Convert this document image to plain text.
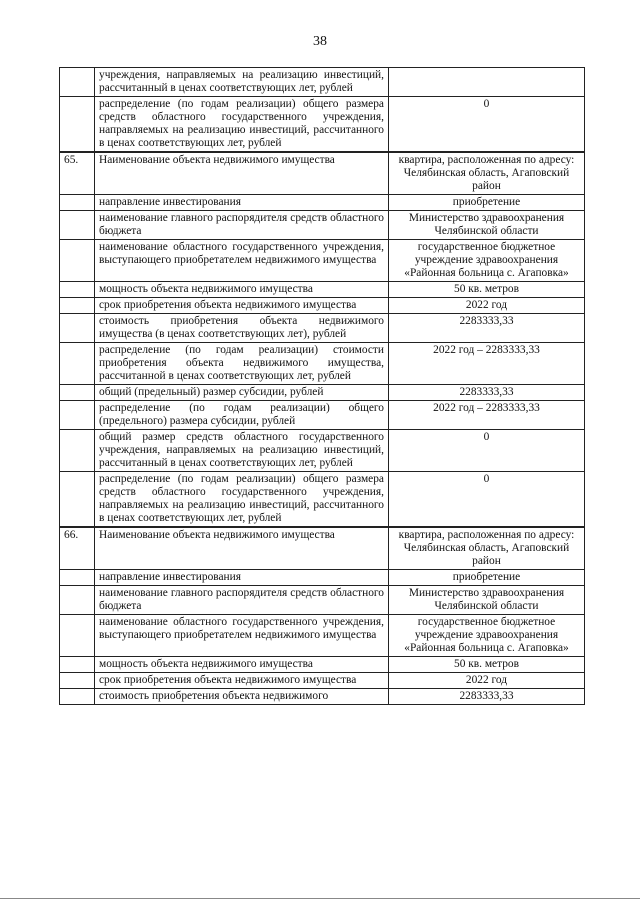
38
	учреждения, направляемых на реализацию инвестиций, рассчитанный в ценах соответствующих лет, рублей	
	распределение (по годам реализации) общего размера средств областного государственного учреждения, направляемых на реализацию инвестиций, рассчитанного в ценах соответствующих лет, рублей	0
65.	Наименование объекта недвижимого имущества	квартира, расположенная по адресу: Челябинская область, Агаповский район
	направление инвестирования	приобретение
	наименование главного распорядителя средств областного бюджета	Министерство здравоохранения Челябинской области
	наименование областного государственного учреждения, выступающего приобретателем недвижимого имущества	государственное бюджетное учреждение здравоохранения «Районная больница с. Агаповка»
	мощность объекта недвижимого имущества	50 кв. метров
	срок приобретения объекта недвижимого имущества	2022 год
	стоимость приобретения объекта недвижимого имущества (в ценах соответствующих лет), рублей	2283333,33
	распределение (по годам реализации) стоимости приобретения объекта недвижимого имущества, рассчитанной в ценах соответствующих лет, рублей	2022 год – 2283333,33
	общий (предельный) размер субсидии, рублей	2283333,33
	распределение (по годам реализации) общего (предельного) размера субсидии, рублей	2022 год – 2283333,33
	общий размер средств областного государственного учреждения, направляемых на реализацию инвестиций, рассчитанный в ценах соответствующих лет, рублей	0
	распределение (по годам реализации) общего размера средств областного государственного учреждения, направляемых на реализацию инвестиций, рассчитанного в ценах соответствующих лет, рублей	0
66.	Наименование объекта недвижимого имущества	квартира, расположенная по адресу: Челябинская область, Агаповский район
	направление инвестирования	приобретение
	наименование главного распорядителя средств областного бюджета	Министерство здравоохранения Челябинской области
	наименование областного государственного учреждения, выступающего приобретателем недвижимого имущества	государственное бюджетное учреждение здравоохранения «Районная больница с. Агаповка»
	мощность объекта недвижимого имущества	50 кв. метров
	срок приобретения объекта недвижимого имущества	2022 год
	стоимость приобретения объекта недвижимого	2283333,33
